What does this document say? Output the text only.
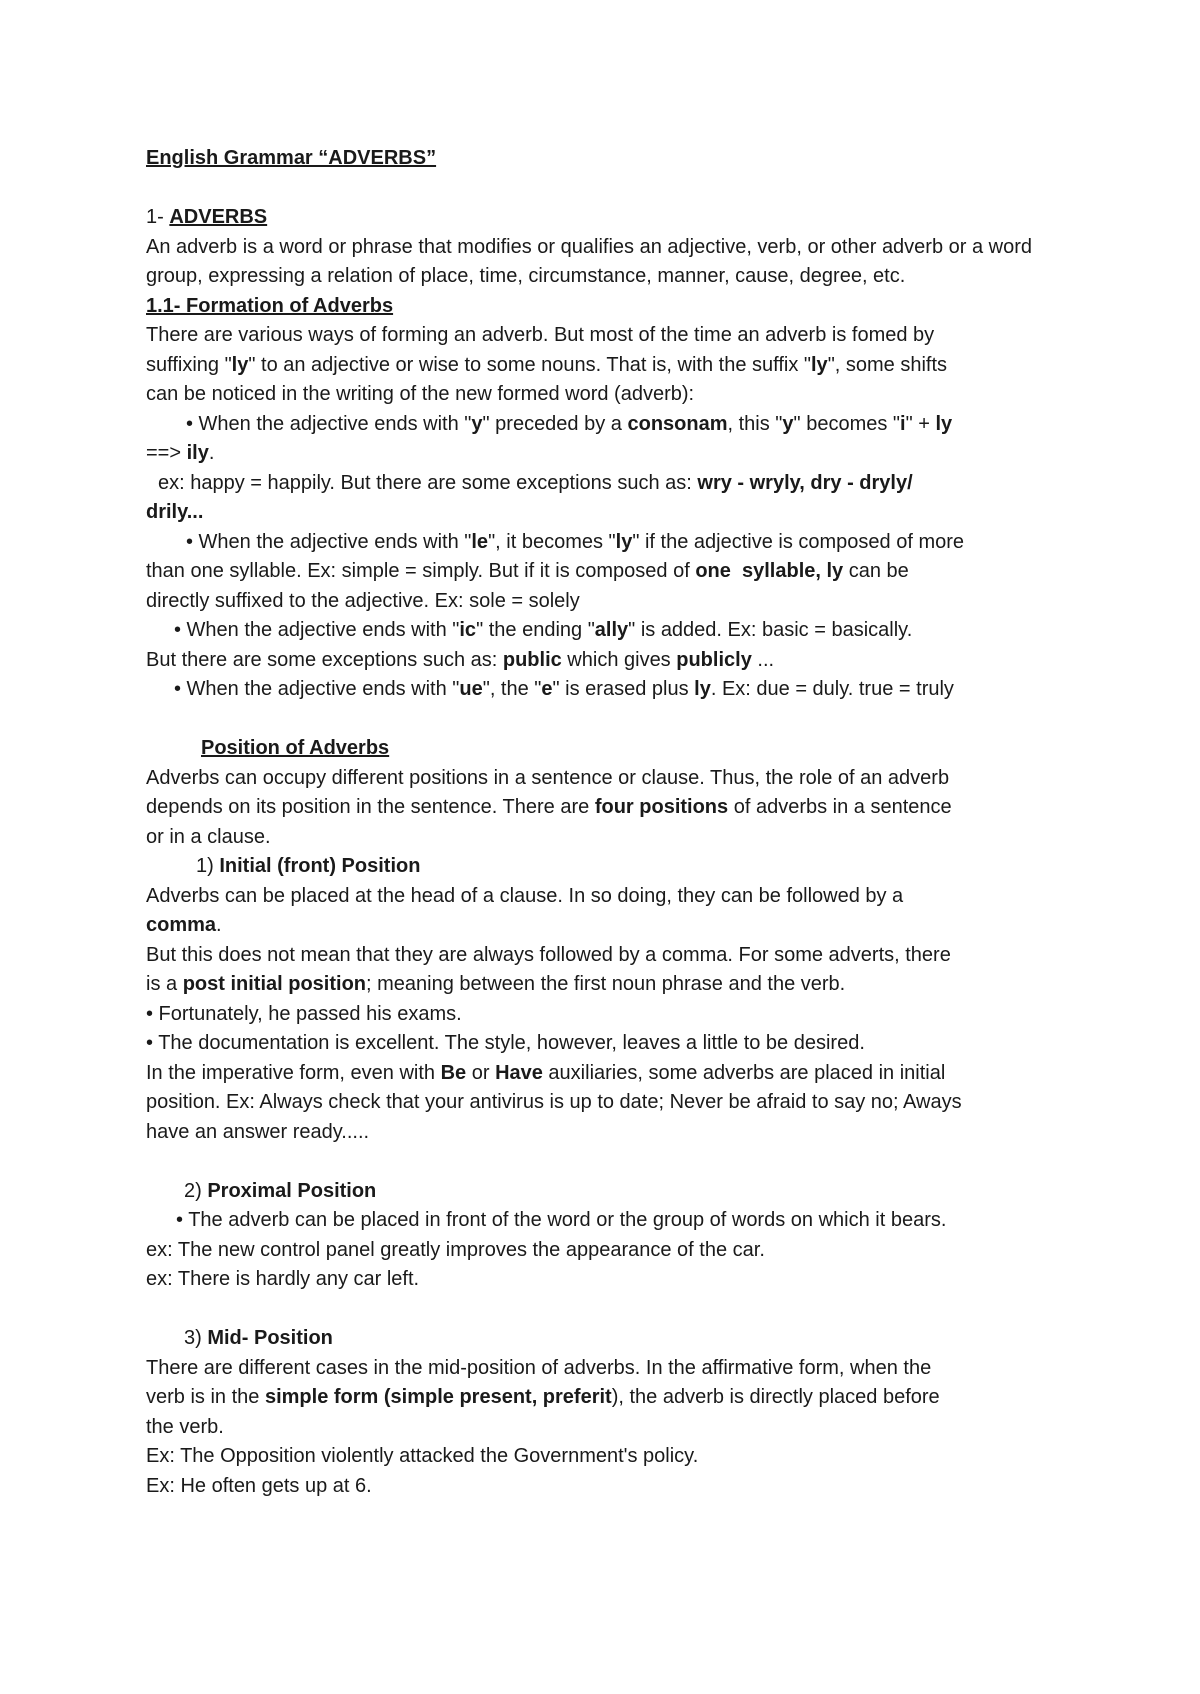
English Grammar “ADVERBS”
1- ADVERBS
An adverb is a word or phrase that modifies or qualifies an adjective, verb, or other adverb or a word group, expressing a relation of place, time, circumstance, manner, cause, degree, etc.
1.1- Formation of Adverbs
There are various ways of forming an adverb. But most of the time an adverb is fomed by
suffixing "ly" to an adjective or wise to some nouns. That is, with the suffix "ly", some shifts
can be noticed in the writing of the new formed word (adverb):
• When the adjective ends with "y" preceded by a consonam, this "y" becomes "i" + ly
==> ily.
ex: happy = happily. But there are some exceptions such as: wry - wryly, dry - dryly/
drily...
• When the adjective ends with "le", it becomes "ly" if the adjective is composed of more
than one syllable. Ex: simple = simply. But if it is composed of one  syllable, ly can be
directly suffixed to the adjective. Ex: sole = solely
• When the adjective ends with "ic" the ending "ally" is added. Ex: basic = basically.
But there are some exceptions such as: public which gives publicly ...
• When the adjective ends with "ue", the "e" is erased plus ly. Ex: due = duly. true = truly
Position of Adverbs
Adverbs can occupy different positions in a sentence or clause. Thus, the role of an adverb
depends on its position in the sentence. There are four positions of adverbs in a sentence
or in a clause.
1) Initial (front) Position
Adverbs can be placed at the head of a clause. In so doing, they can be followed by a
comma.
But this does not mean that they are always followed by a comma. For some adverts, there
is a post initial position; meaning between the first noun phrase and the verb.
• Fortunately, he passed his exams.
• The documentation is excellent. The style, however, leaves a little to be desired.
In the imperative form, even with Be or Have auxiliaries, some adverbs are placed in initial
position. Ex: Always check that your antivirus is up to date; Never be afraid to say no; Aways
have an answer ready.....
2) Proximal Position
• The adverb can be placed in front of the word or the group of words on which it bears.
ex: The new control panel greatly improves the appearance of the car.
ex: There is hardly any car left.
3) Mid- Position
There are different cases in the mid-position of adverbs. In the affirmative form, when the
verb is in the simple form (simple present, preferit), the adverb is directly placed before
the verb.
Ex: The Opposition violently attacked the Government's policy.
Ex: He often gets up at 6.
